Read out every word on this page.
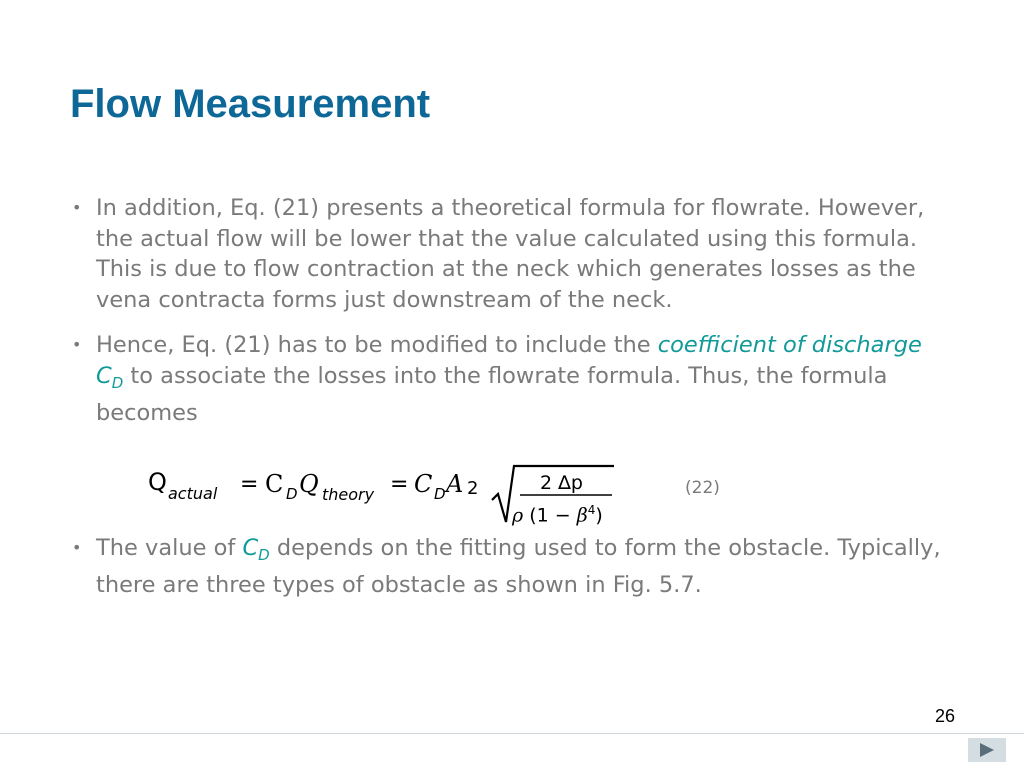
Flow Measurement
• In addition, Eq. (21) presents a theoretical formula for flowrate. However, the actual flow will be lower that the value calculated using this formula. This is due to flow contraction at the neck which generates losses as the vena contracta forms just downstream of the neck.
• Hence, Eq. (21) has to be modified to include the coefficient of discharge $C_D$ to associate the losses into the flowrate formula. Thus, the formula becomes
• The value of $C_D$ depends on the fitting used to form the obstacle. Typically, there are three types of obstacle as shown in Fig. 5.7.
Q actual = C D Q theory = C D A 2	2 ∆p
ρ $(1 - \beta^4)$
(22)
26
